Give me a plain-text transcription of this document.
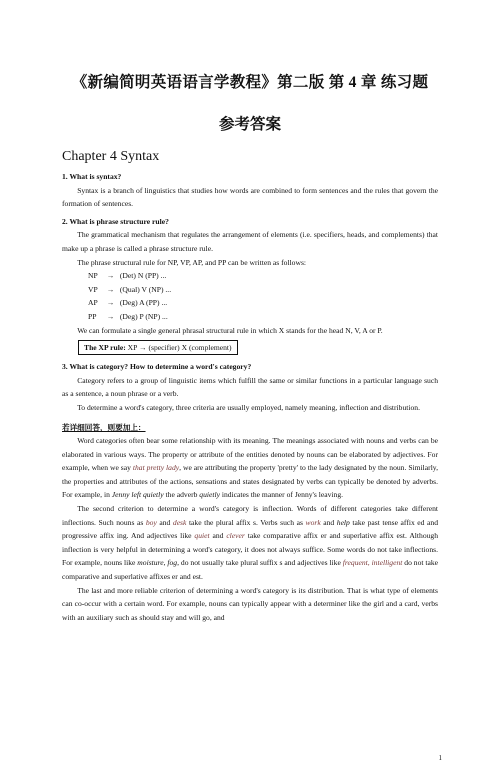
《新编简明英语语言学教程》第二版 第 4 章 练习题
参考答案
Chapter 4 Syntax

1. What is syntax?

Syntax is a branch of linguistics that studies how words are combined to form sentences and the rules that govern the formation of sentences.

2. What is phrase structure rule?

The grammatical mechanism that regulates the arrangement of elements (i.e. specifiers, heads, and complements) that make up a phrase is called a phrase structure rule.

The phrase structural rule for NP, VP, AP, and PP can be written as follows:

NP → (Det) N (PP) ...

VP → (Qual) V (NP) ...

AP → (Deg) A (PP) ...

PP → (Deg) P (NP) ...

We can formulate a single general phrasal structural rule in which X stands for the head N, V, A or P.

The XP rule: XP → (specifier) X (complement)

3. What is category? How to determine a word's category?

Category refers to a group of linguistic items which fulfill the same or similar functions in a particular language such as a sentence, a noun phrase or a verb.

To determine a word's category, three criteria are usually employed, namely meaning, inflection and distribution.

若详细回答，则要加上：

Word categories often bear some relationship with its meaning. The meanings associated with nouns and verbs can be elaborated in various ways. The property or attribute of the entities denoted by nouns can be elaborated by adjectives. For example, when we say that pretty lady, we are attributing the property 'pretty' to the lady designated by the noun. Similarly, the properties and attributes of the actions, sensations and states designated by verbs can typically be denoted by adverbs. For example, in Jenny left quietly the adverb quietly indicates the manner of Jenny's leaving.

The second criterion to determine a word's category is inflection. Words of different categories take different inflections. Such nouns as boy and desk take the plural affix s. Verbs such as work and help take past tense affix ed and progressive affix ing. And adjectives like quiet and clever take comparative affix er and superlative affix est. Although inflection is very helpful in determining a word's category, it does not always suffice. Some words do not take inflections. For example, nouns like moisture, fog, do not usually take plural suffix s and adjectives like frequent, intelligent do not take comparative and superlative affixes er and est.

The last and more reliable criterion of determining a word's category is its distribution. That is what type of elements can co-occur with a certain word. For example, nouns can typically appear with a determiner like the girl and a card, verbs with an auxiliary such as should stay and will go, and

1
